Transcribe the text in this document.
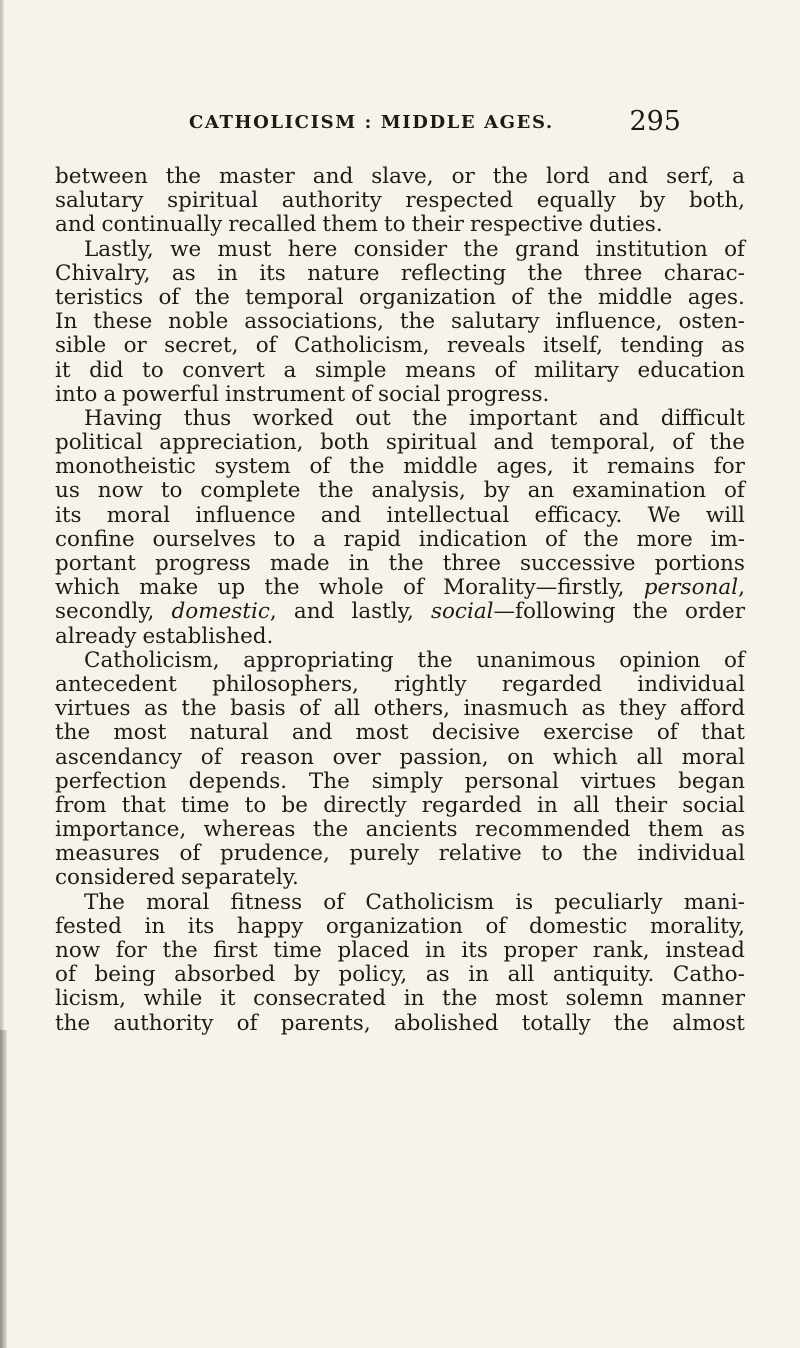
CATHOLICISM : MIDDLE AGES.	295
between the master and slave, or the lord and serf, a
salutary spiritual authority respected equally by both,
and continually recalled them to their respective duties.
Lastly, we must here consider the grand institution of
Chivalry, as in its nature reflecting the three charac-
teristics of the temporal organization of the middle ages.
In these noble associations, the salutary influence, osten-
sible or secret, of Catholicism, reveals itself, tending as
it did to convert a simple means of military education
into a powerful instrument of social progress.
Having thus worked out the important and difficult
political appreciation, both spiritual and temporal, of the
monotheistic system of the middle ages, it remains for
us now to complete the analysis, by an examination of
its moral influence and intellectual efficacy. We will
confine ourselves to a rapid indication of the more im-
portant progress made in the three successive portions
which make up the whole of Morality—firstly, personal,
secondly, domestic, and lastly, social—following the order
already established.
Catholicism, appropriating the unanimous opinion of
antecedent philosophers, rightly regarded individual
virtues as the basis of all others, inasmuch as they afford
the most natural and most decisive exercise of that
ascendancy of reason over passion, on which all moral
perfection depends. The simply personal virtues began
from that time to be directly regarded in all their social
importance, whereas the ancients recommended them as
measures of prudence, purely relative to the individual
considered separately.
The moral fitness of Catholicism is peculiarly mani-
fested in its happy organization of domestic morality,
now for the first time placed in its proper rank, instead
of being absorbed by policy, as in all antiquity. Catho-
licism, while it consecrated in the most solemn manner
the authority of parents, abolished totally the almost
